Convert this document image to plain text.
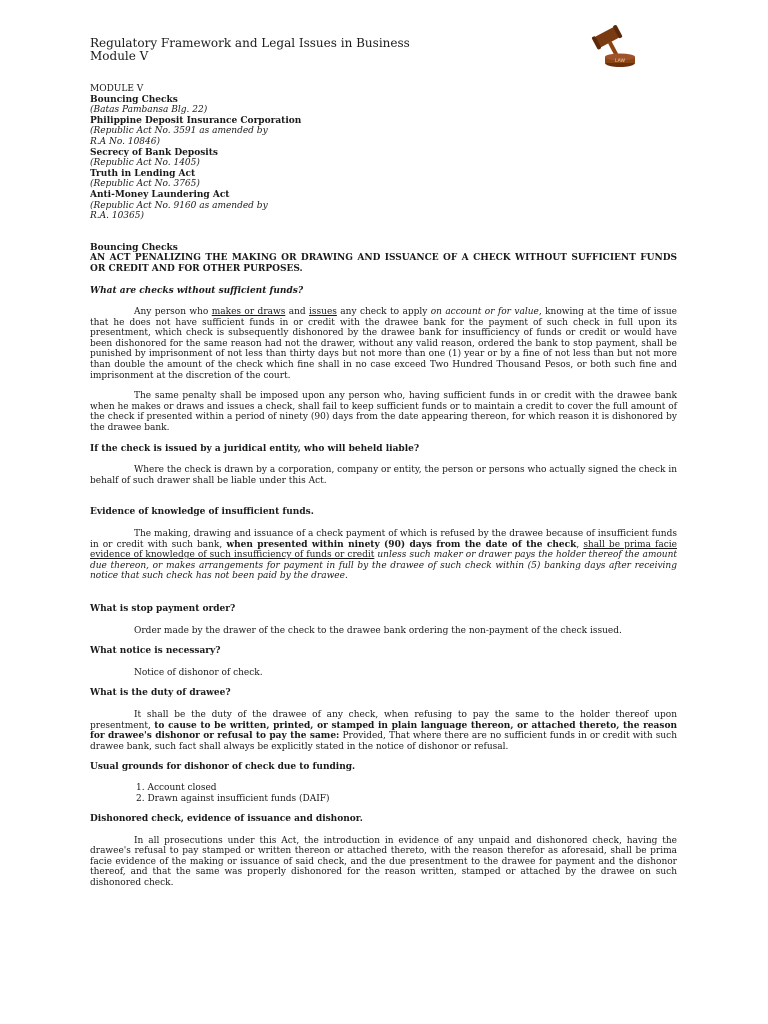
Regulatory Framework and Legal Issues in Business
Module V	LAW
MODULE V
Bouncing Checks
(Batas Pambansa Blg. 22)
Philippine Deposit Insurance Corporation
(Republic Act No. 3591 as amended by
R.A No. 10846)
Secrecy of Bank Deposits
(Republic Act No. 1405)
Truth in Lending Act
(Republic Act No. 3765)
Anti-Money Laundering Act
(Republic Act No. 9160 as amended by
R.A. 10365)
Bouncing Checks

AN ACT PENALIZING THE MAKING OR DRAWING AND ISSUANCE OF A CHECK WITHOUT SUFFICIENT FUNDS OR CREDIT AND FOR OTHER PURPOSES.

What are checks without sufficient funds?

Any person who makes or draws and issues any check to apply on account or for value, knowing at the time of issue that he does not have sufficient funds in or credit with the drawee bank for the payment of such check in full upon its presentment, which check is subsequently dishonored by the drawee bank for insufficiency of funds or credit or would have been dishonored for the same reason had not the drawer, without any valid reason, ordered the bank to stop payment, shall be punished by imprisonment of not less than thirty days but not more than one (1) year or by a fine of not less than but not more than double the amount of the check which fine shall in no case exceed Two Hundred Thousand Pesos, or both such fine and imprisonment at the discretion of the court.

The same penalty shall be imposed upon any person who, having sufficient funds in or credit with the drawee bank when he makes or draws and issues a check, shall fail to keep sufficient funds or to maintain a credit to cover the full amount of the check if presented within a period of ninety (90) days from the date appearing thereon, for which reason it is dishonored by the drawee bank.

If the check is issued by a juridical entity, who will beheld liable?

Where the check is drawn by a corporation, company or entity, the person or persons who actually signed the check in behalf of such drawer shall be liable under this Act.

Evidence of knowledge of insufficient funds.

The making, drawing and issuance of a check payment of which is refused by the drawee because of insufficient funds in or credit with such bank, when presented within ninety (90) days from the date of the check, shall be prima facie evidence of knowledge of such insufficiency of funds or credit unless such maker or drawer pays the holder thereof the amount due thereon, or makes arrangements for payment in full by the drawee of such check within (5) banking days after receiving notice that such check has not been paid by the drawee.

What is stop payment order?

Order made by the drawer of the check to the drawee bank ordering the non-payment of the check issued.

What notice is necessary?

Notice of dishonor of check.

What is the duty of drawee?

It shall be the duty of the drawee of any check, when refusing to pay the same to the holder thereof upon presentment, to cause to be written, printed, or stamped in plain language thereon, or attached thereto, the reason for drawee's dishonor or refusal to pay the same: Provided, That where there are no sufficient funds in or credit with such drawee bank, such fact shall always be explicitly stated in the notice of dishonor or refusal.

Usual grounds for dishonor of check due to funding.
1. Account closed
2. Drawn against insufficient funds (DAIF)
Dishonored check, evidence of issuance and dishonor.

In all prosecutions under this Act, the introduction in evidence of any unpaid and dishonored check, having the drawee's refusal to pay stamped or written thereon or attached thereto, with the reason therefor as aforesaid, shall be prima facie evidence of the making or issuance of said check, and the due presentment to the drawee for payment and the dishonor thereof, and that the same was properly dishonored for the reason written, stamped or attached by the drawee on such dishonored check.
